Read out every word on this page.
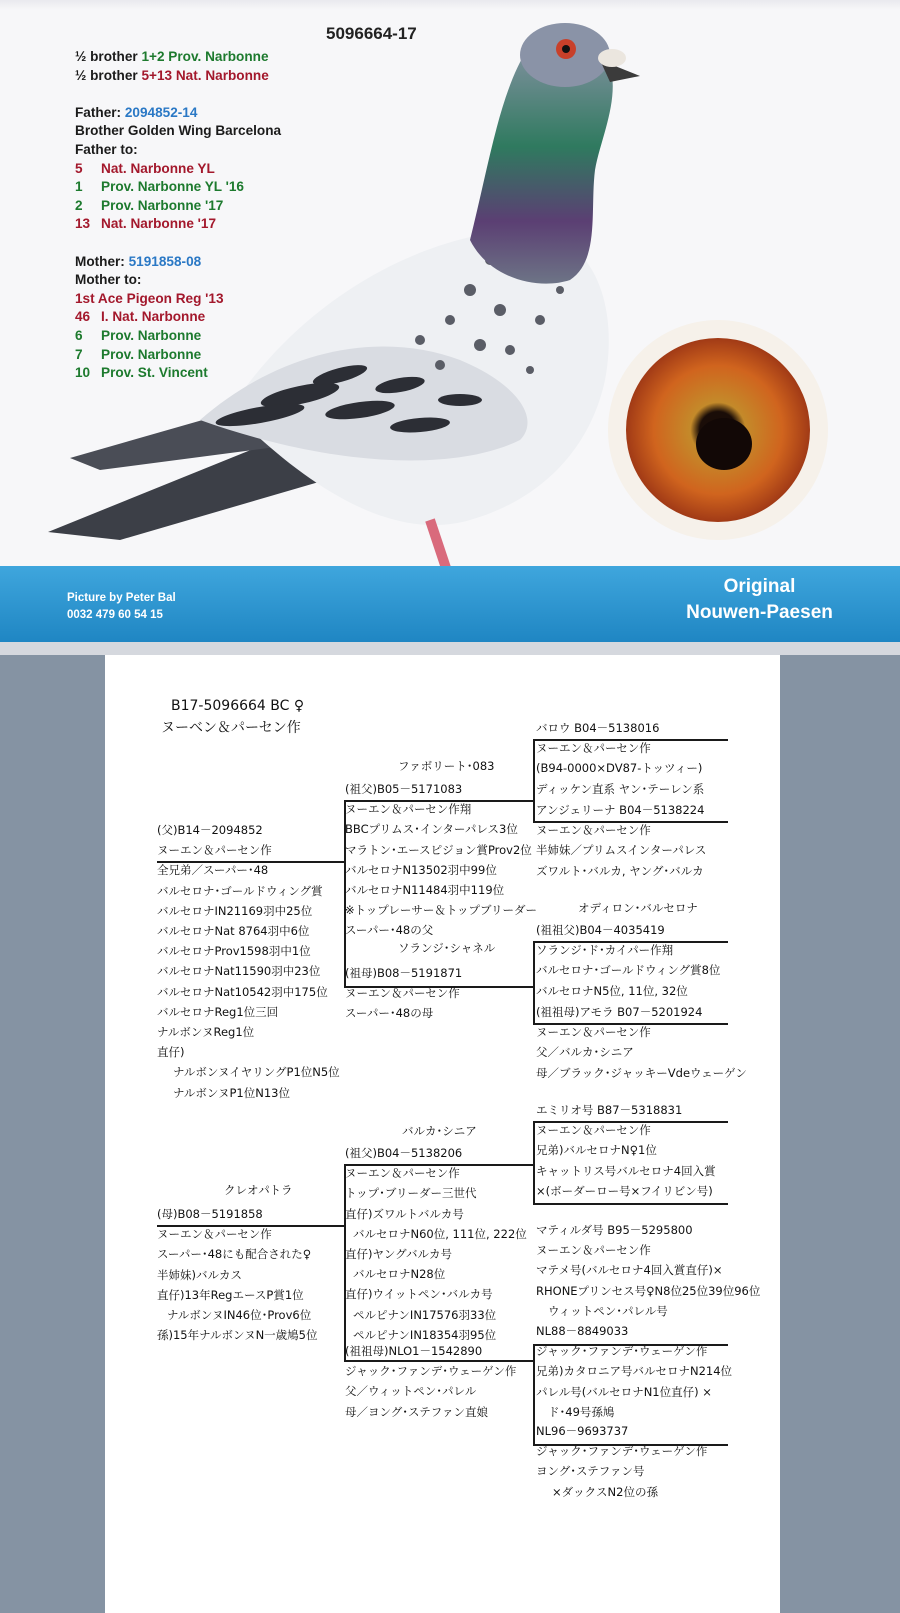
5096664-17
½ brother 1+2 Prov. Narbonne
½ brother 5+13 Nat. Narbonne
Father: 2094852-14
Brother Golden Wing Barcelona
Father to:
5 Nat. Narbonne YL
1 Prov. Narbonne YL '16
2 Prov. Narbonne '17
13 Nat. Narbonne '17
Mother: 5191858-08
Mother to:
1st Ace Pigeon Reg '13
46 I. Nat. Narbonne
6 Prov. Narbonne
7 Prov. Narbonne
10 Prov. St. Vincent
Picture by Peter Bal
0032 479 60 54 15
Original
Nouwen-Paesen
B17-5096664 BC ♀
ヌーベン＆パーセン作
ファボリート･083
ソランジ･シャネル
オディロン･バルセロナ
クレオパトラ
バルカ･シニア
(父)B14－2094852
ヌーエン＆パーセン作
全兄弟／スーパー･48
バルセロナ･ゴールドウィング賞
バルセロナIN21169羽中25位
バルセロナNat 8764羽中6位
バルセロナProv1598羽中1位
バルセロナNat11590羽中23位
バルセロナNat10542羽中175位
バルセロナReg1位三回
ナルボンヌReg1位
直仔)
ナルボンヌイヤリングP1位N5位
ナルボンヌP1位N13位
(祖父)B05－5171083
ヌーエン＆パーセン作翔
BBCプリムス･インターパレス3位
マラトン･エースピジョン賞Prov2位
バルセロナN13502羽中99位
バルセロナN11484羽中119位
※トップレーサー＆トップブリーダー
スーパー･48の父
(祖母)B08－5191871
ヌーエン＆パーセン作
スーパー･48の母
バロウ B04－5138016
ヌーエン＆パーセン作
(B94-0000×DV87-トッツィー)
ディッケン直系 ヤン･テーレン系
アンジェリーナ B04－5138224
ヌーエン＆パーセン作
半姉妹／プリムスインターパレス
ズワルト･バルカ, ヤング･バルカ
(祖祖父)B04－4035419
ソランジ･ド･カイパー作翔
バルセロナ･ゴールドウィング賞8位
バルセロナN5位, 11位, 32位
(祖祖母)アモラ B07－5201924
ヌーエン＆パーセン作
父／バルカ･シニア
母／ブラック･ジャッキーVdeウェーゲン
(母)B08－5191858
ヌーエン＆パーセン作
スーパー･48にも配合された♀
半姉妹)バルカス
直仔)13年RegエースP賞1位
ナルボンヌIN46位･Prov6位
孫)15年ナルボンヌN一歳鳩5位
(祖父)B04－5138206
ヌーエン＆パーセン作
トップ･ブリーダー三世代
直仔)ズワルトバルカ号
バルセロナN60位, 111位, 222位
直仔)ヤングバルカ号
バルセロナN28位
直仔)ウイットペン･バルカ号
ペルピナンIN17576羽33位
ペルピナンIN18354羽95位
(祖祖母)NLO1－1542890
ジャック･ファンデ･ウェーゲン作
父／ウィットペン･パレル
母／ヨング･ステファン直娘
エミリオ号 B87－5318831
ヌーエン＆パーセン作
兄弟)バルセロナN♀1位
キャットリス号バルセロナ4回入賞
×(ボーダーロー号×フイリビン号)
マティルダ号 B95－5295800
ヌーエン＆パーセン作
マテメ号(バルセロナ4回入賞直仔)×
RHONEプリンセス号♀N8位25位39位96位
ウィットペン･パレル号
NL88－8849033
ジャック･ファンデ･ウェーゲン作
兄弟)カタロニア号バルセロナN214位
パレル号(バルセロナN1位直仔) ×
ド･49号孫鳩
NL96－9693737
ジャック･ファンデ･ウェーゲン作
ヨング･ステファン号
×ダックスN2位の孫
